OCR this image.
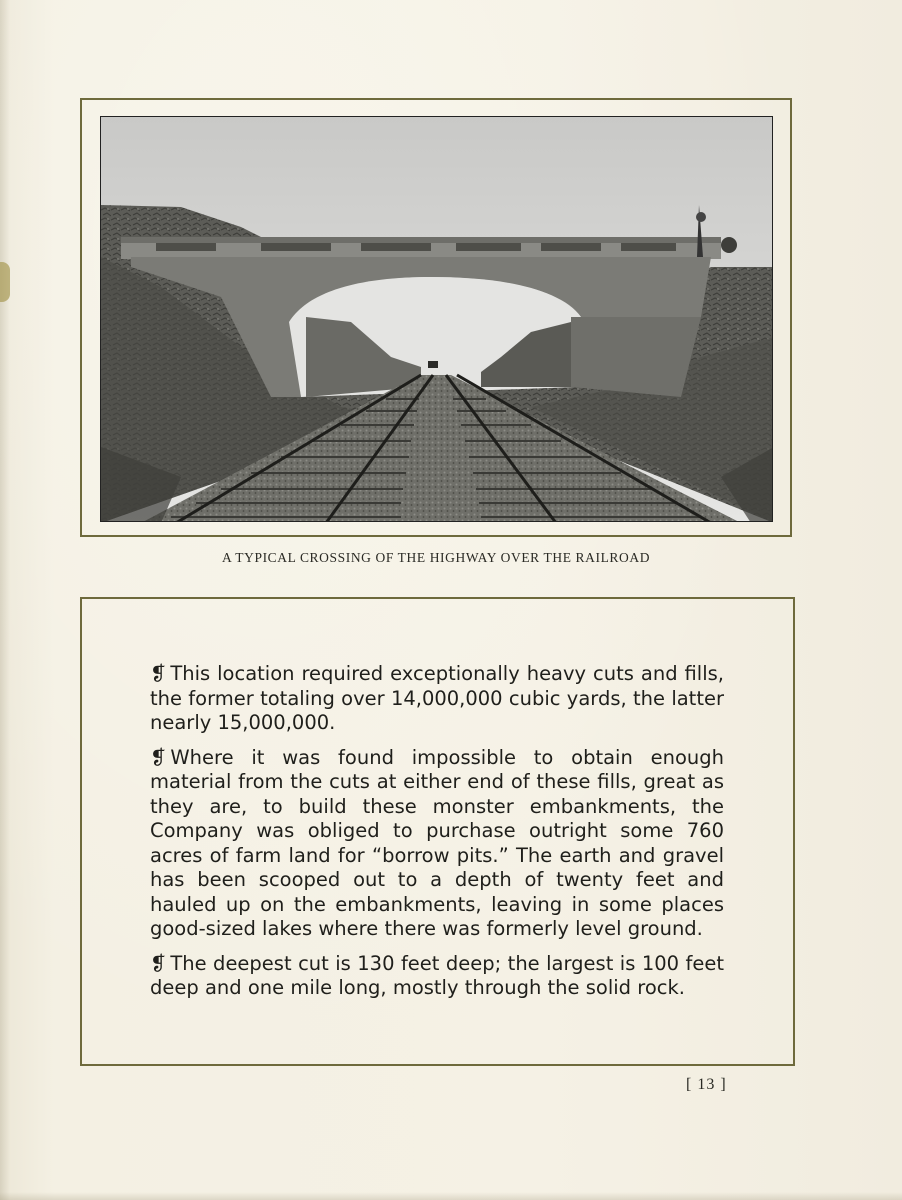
A TYPICAL CROSSING OF THE HIGHWAY OVER THE RAILROAD

❡ This location required exceptionally heavy cuts and fills, the former totaling over 14,000,000 cubic yards, the latter nearly 15,000,000.

❡ Where it was found impossible to obtain enough material from the cuts at either end of these fills, great as they are, to build these monster embankments, the Company was obliged to purchase outright some 760 acres of farm land for “borrow pits.” The earth and gravel has been scooped out to a depth of twenty feet and hauled up on the embankments, leaving in some places good-sized lakes where there was formerly level ground.

❡ The deepest cut is 130 feet deep; the largest is 100 feet deep and one mile long, mostly through the solid rock.

[ 13 ]
